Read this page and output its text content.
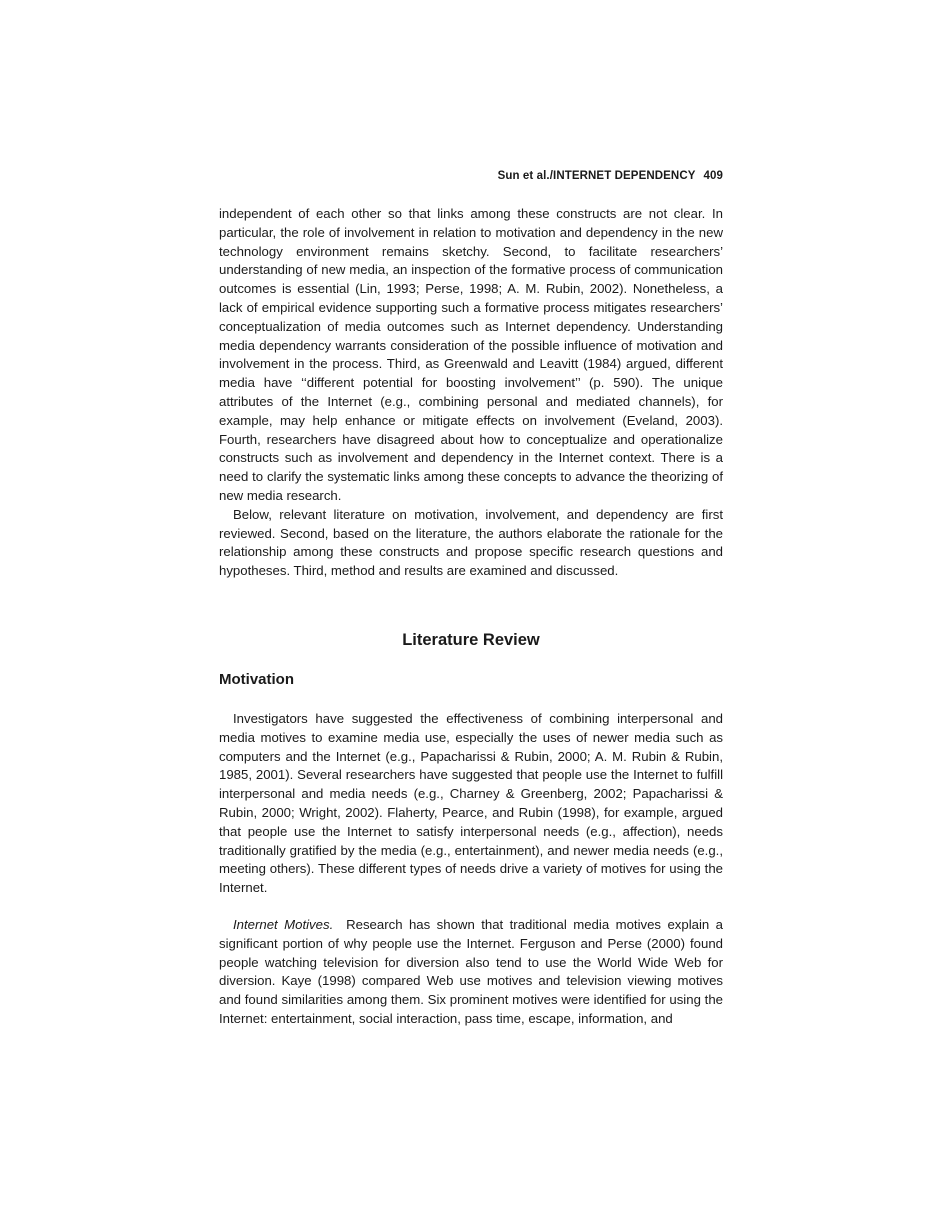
Sun et al./INTERNET DEPENDENCY 409

independent of each other so that links among these constructs are not clear. In particular, the role of involvement in relation to motivation and dependency in the new technology environment remains sketchy. Second, to facilitate researchers’ understanding of new media, an inspection of the formative process of communication outcomes is essential (Lin, 1993; Perse, 1998; A. M. Rubin, 2002). Nonetheless, a lack of empirical evidence supporting such a formative process mitigates researchers’ conceptualization of media outcomes such as Internet dependency. Understanding media dependency warrants consideration of the possible influence of motivation and involvement in the process. Third, as Greenwald and Leavitt (1984) argued, different media have ‘‘different potential for boosting involvement’’ (p. 590). The unique attributes of the Internet (e.g., combining personal and mediated channels), for example, may help enhance or mitigate effects on involvement (Eveland, 2003). Fourth, researchers have disagreed about how to conceptualize and operationalize constructs such as involvement and dependency in the Internet context. There is a need to clarify the systematic links among these concepts to advance the theorizing of new media research.

Below, relevant literature on motivation, involvement, and dependency are first reviewed. Second, based on the literature, the authors elaborate the rationale for the relationship among these constructs and propose specific research questions and hypotheses. Third, method and results are examined and discussed.

Literature Review
Motivation

Investigators have suggested the effectiveness of combining interpersonal and media motives to examine media use, especially the uses of newer media such as computers and the Internet (e.g., Papacharissi & Rubin, 2000; A. M. Rubin & Rubin, 1985, 2001). Several researchers have suggested that people use the Internet to fulfill interpersonal and media needs (e.g., Charney & Greenberg, 2002; Papacharissi & Rubin, 2000; Wright, 2002). Flaherty, Pearce, and Rubin (1998), for example, argued that people use the Internet to satisfy interpersonal needs (e.g., affection), needs traditionally gratified by the media (e.g., entertainment), and newer media needs (e.g., meeting others). These different types of needs drive a variety of motives for using the Internet.

Internet Motives. Research has shown that traditional media motives explain a significant portion of why people use the Internet. Ferguson and Perse (2000) found people watching television for diversion also tend to use the World Wide Web for diversion. Kaye (1998) compared Web use motives and television viewing motives and found similarities among them. Six prominent motives were identified for using the Internet: entertainment, social interaction, pass time, escape, information, and
